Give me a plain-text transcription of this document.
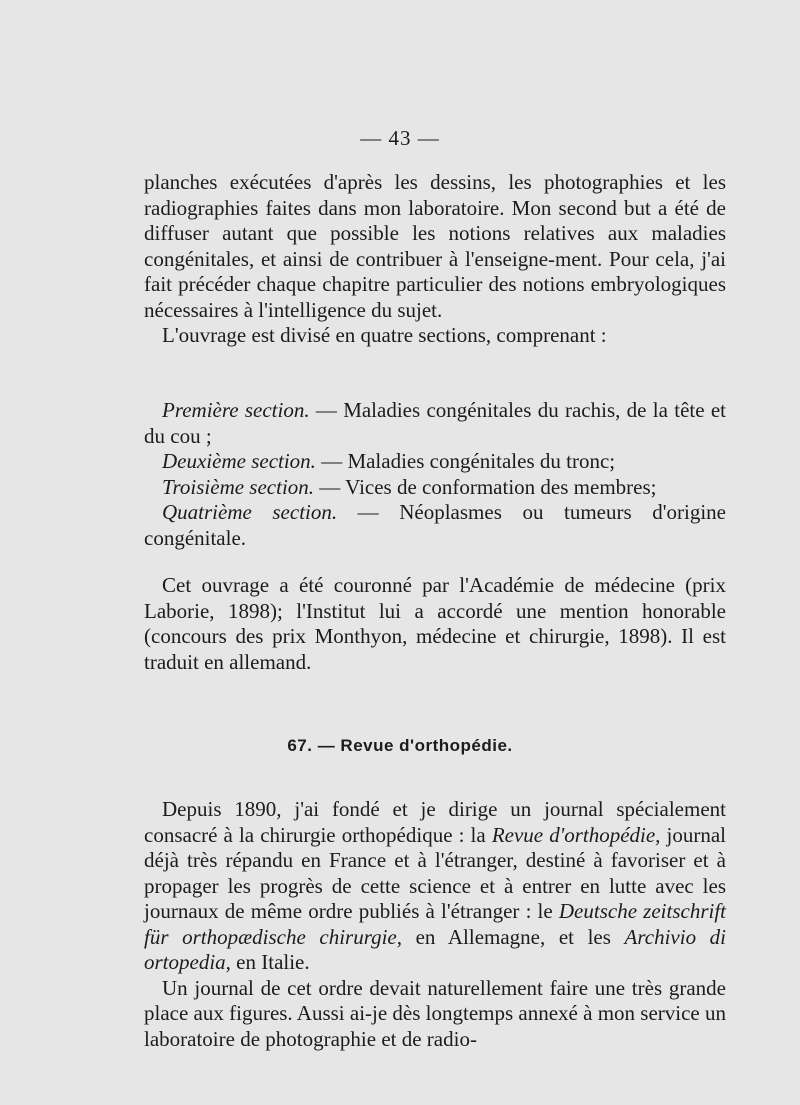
— 43 —

planches exécutées d'après les dessins, les photographies et les radiographies faites dans mon laboratoire. Mon second but a été de diffuser autant que possible les notions relatives aux maladies congénitales, et ainsi de contribuer à l'enseigne-ment. Pour cela, j'ai fait précéder chaque chapitre particulier des notions embryologiques nécessaires à l'intelligence du sujet.

L'ouvrage est divisé en quatre sections, comprenant :

Première section. — Maladies congénitales du rachis, de la tête et du cou ;

Deuxième section. — Maladies congénitales du tronc;

Troisième section. — Vices de conformation des membres;

Quatrième section. — Néoplasmes ou tumeurs d'origine congénitale.

Cet ouvrage a été couronné par l'Académie de médecine (prix Laborie, 1898); l'Institut lui a accordé une mention honorable (concours des prix Monthyon, médecine et chirurgie, 1898). Il est traduit en allemand.

67. — Revue d'orthopédie.

Depuis 1890, j'ai fondé et je dirige un journal spécialement consacré à la chirurgie orthopédique : la Revue d'orthopédie, journal déjà très répandu en France et à l'étranger, destiné à favoriser et à propager les progrès de cette science et à entrer en lutte avec les journaux de même ordre publiés à l'étranger : le Deutsche zeitschrift für orthopædische chirurgie, en Allemagne, et les Archivio di ortopedia, en Italie.

Un journal de cet ordre devait naturellement faire une très grande place aux figures. Aussi ai-je dès longtemps annexé à mon service un laboratoire de photographie et de radio-
